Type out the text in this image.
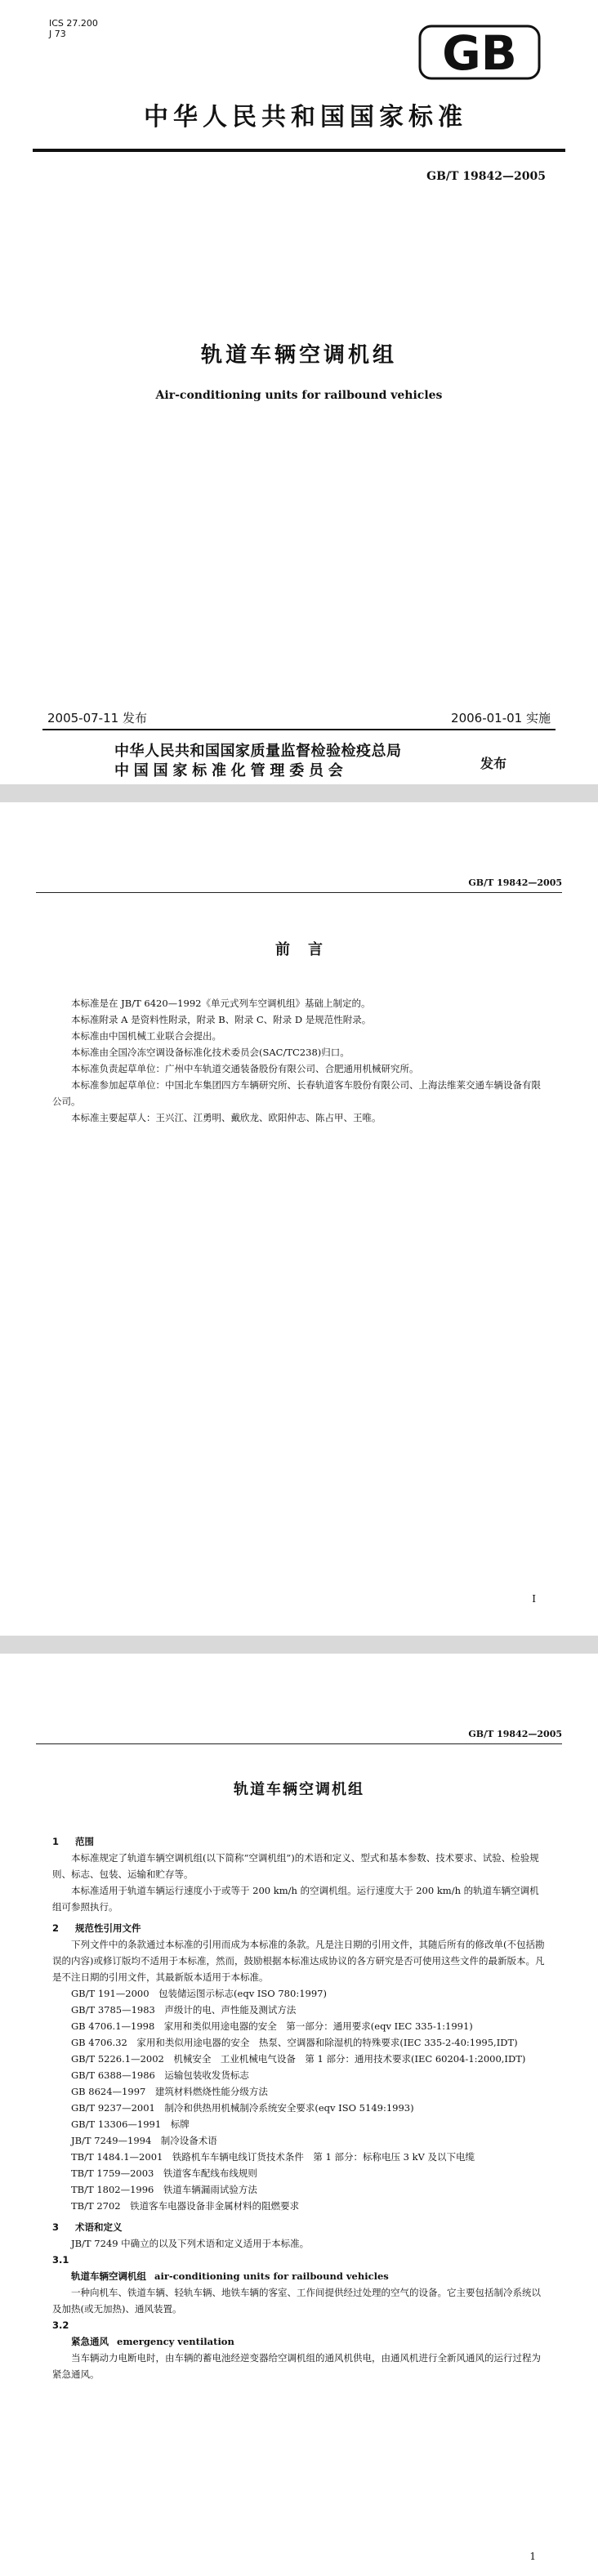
ICS 27.200
J 73	GB
中华人民共和国国家标准
GB/T 19842—2005
轨道车辆空调机组
Air-conditioning units for railbound vehicles
2005-07-11 发布	2006-01-01 实施
中华人民共和国国家质量监督检验检疫总局
中国国家标准化管理委员会	发布
GB/T 19842—2005
前言

本标准是在 JB/T 6420—1992《单元式列车空调机组》基础上制定的。

本标准附录 A 是资料性附录，附录 B、附录 C、附录 D 是规范性附录。

本标准由中国机械工业联合会提出。

本标准由全国冷冻空调设备标准化技术委员会(SAC/TC238)归口。

本标准负责起草单位：广州中车轨道交通装备股份有限公司、合肥通用机械研究所。

本标准参加起草单位：中国北车集团四方车辆研究所、长春轨道客车股份有限公司、上海法维莱交通车辆设备有限公司。

本标准主要起草人：王兴江、江勇明、戴欣龙、欧阳仲志、陈占甲、王唯。

I
GB/T 19842—2005
轨道车辆空调机组
1 范围

本标准规定了轨道车辆空调机组(以下简称“空调机组”)的术语和定义、型式和基本参数、技术要求、试验、检验规则、标志、包装、运输和贮存等。

本标准适用于轨道车辆运行速度小于或等于 200 km/h 的空调机组。运行速度大于 200 km/h 的轨道车辆空调机组可参照执行。

2 规范性引用文件

下列文件中的条款通过本标准的引用而成为本标准的条款。凡是注日期的引用文件，其随后所有的修改单(不包括勘误的内容)或修订版均不适用于本标准，然而，鼓励根据本标准达成协议的各方研究是否可使用这些文件的最新版本。凡是不注日期的引用文件，其最新版本适用于本标准。

GB/T 191—2000　包装储运图示标志(eqv ISO 780:1997)

GB/T 3785—1983　声级计的电、声性能及测试方法

GB 4706.1—1998　家用和类似用途电器的安全　第一部分：通用要求(eqv IEC 335-1:1991)

GB 4706.32　家用和类似用途电器的安全　热泵、空调器和除湿机的特殊要求(IEC 335-2-40:1995,IDT)

GB/T 5226.1—2002　机械安全　工业机械电气设备　第 1 部分：通用技术要求(IEC 60204-1:2000,IDT)

GB/T 6388—1986　运输包装收发货标志

GB 8624—1997　建筑材料燃烧性能分级方法

GB/T 9237—2001　制冷和供热用机械制冷系统安全要求(eqv ISO 5149:1993)

GB/T 13306—1991　标牌

JB/T 7249—1994　制冷设备术语

TB/T 1484.1—2001　铁路机车车辆电线订货技术条件　第 1 部分：标称电压 3 kV 及以下电缆

TB/T 1759—2003　铁道客车配线布线规则

TB/T 1802—1996　铁道车辆漏雨试验方法

TB/T 2702　铁道客车电器设备非金属材料的阻燃要求

3 术语和定义

JB/T 7249 中确立的以及下列术语和定义适用于本标准。

3.1

轨道车辆空调机组 air-conditioning units for railbound vehicles

一种向机车、铁道车辆、轻轨车辆、地铁车辆的客室、工作间提供经过处理的空气的设备。它主要包括制冷系统以及加热(或无加热)、通风装置。

3.2

紧急通风 emergency ventilation

当车辆动力电断电时，由车辆的蓄电池经逆变器给空调机组的通风机供电，由通风机进行全新风通风的运行过程为紧急通风。

1
